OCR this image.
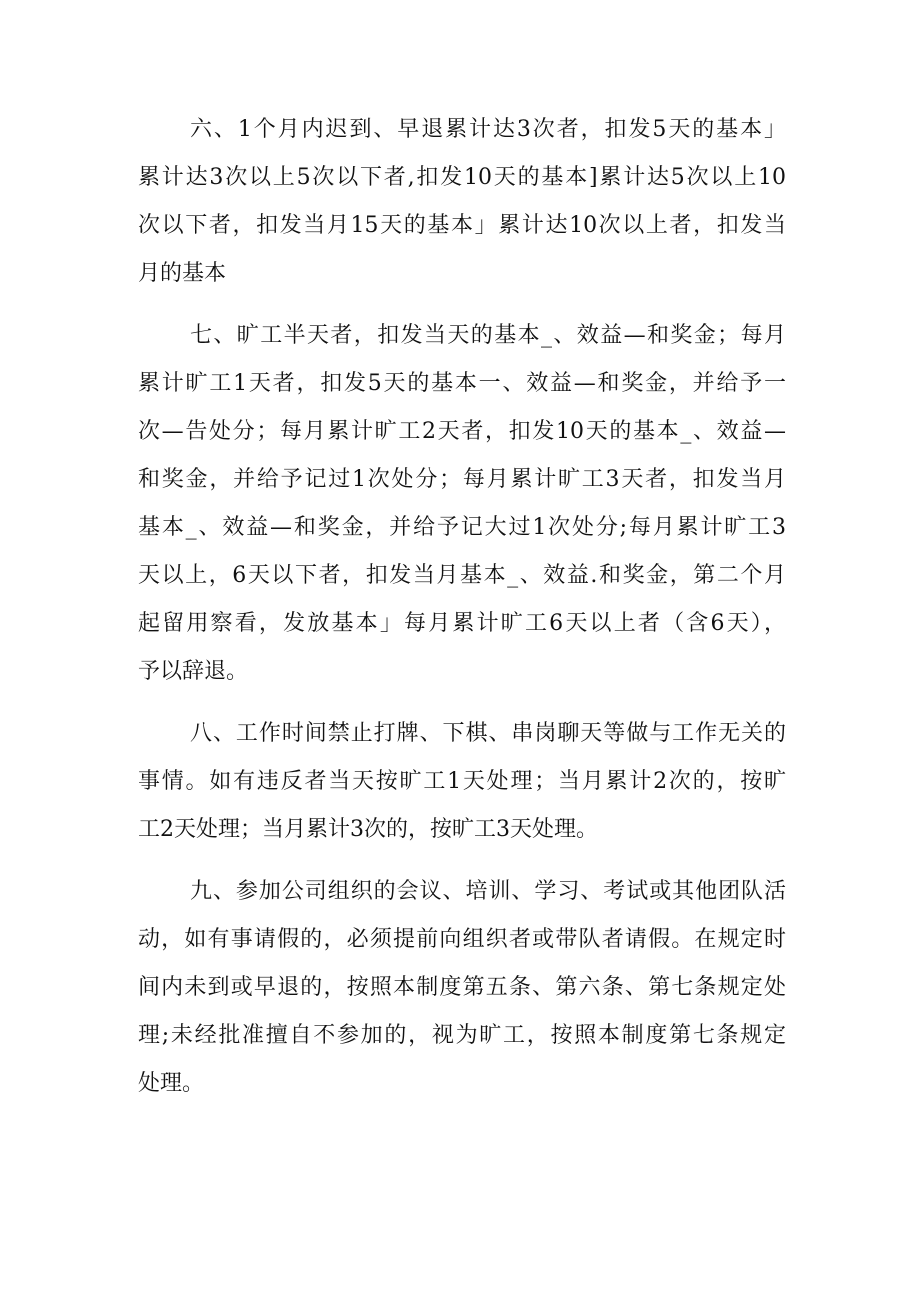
六、1个月内迟到、早退累计达3次者，扣发5天的基本」
累计达3次以上5次以下者,扣发10天的基本]累计达5次以上10
次以下者，扣发当月15天的基本」累计达10次以上者，扣发当
月的基本
七、旷工半天者，扣发当天的基本_、效益—和奖金；每月
累计旷工1天者，扣发5天的基本一、效益—和奖金，并给予一
次—告处分；每月累计旷工2天者，扣发10天的基本_、效益—
和奖金，并给予记过1次处分；每月累计旷工3天者，扣发当月
基本_、效益—和奖金，并给予记大过1次处分;每月累计旷工3
天以上，6天以下者，扣发当月基本_、效益.和奖金，第二个月
起留用察看，发放基本」每月累计旷工6天以上者（含6天），
予以辞退。
八、工作时间禁止打牌、下棋、串岗聊天等做与工作无关的
事情。如有违反者当天按旷工1天处理；当月累计2次的，按旷
工2天处理；当月累计3次的，按旷工3天处理。
九、参加公司组织的会议、培训、学习、考试或其他团队活
动，如有事请假的，必须提前向组织者或带队者请假。在规定时
间内未到或早退的，按照本制度第五条、第六条、第七条规定处
理;未经批准擅自不参加的，视为旷工，按照本制度第七条规定
处理。
